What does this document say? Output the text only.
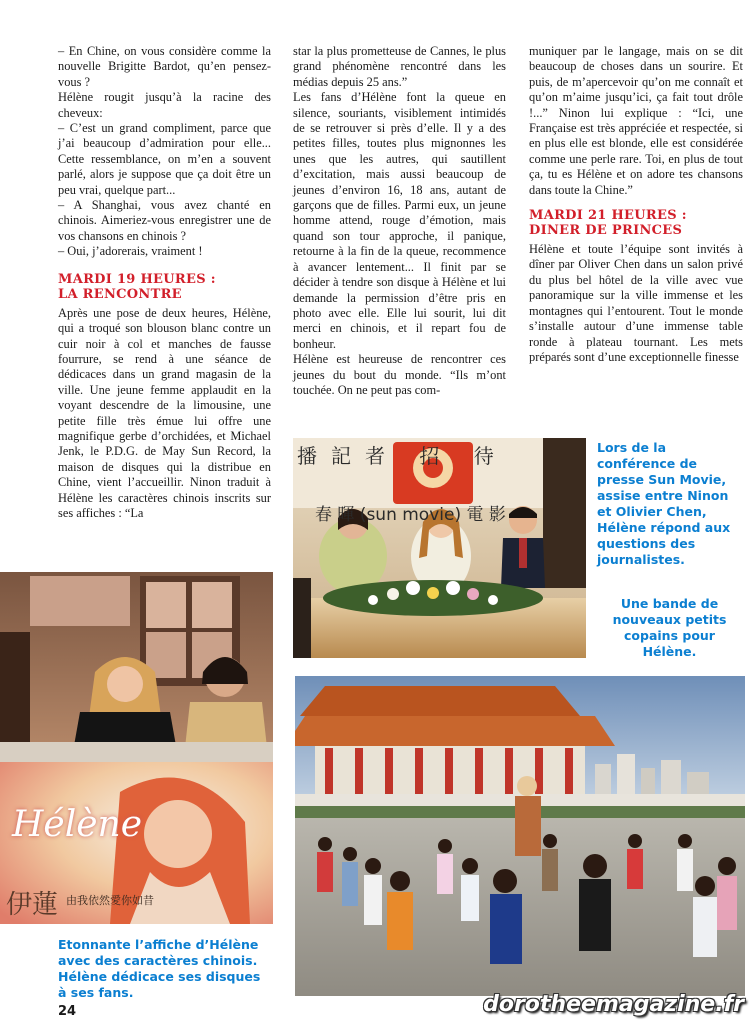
– En Chine, on vous considère comme la nouvelle Brigitte Bardot, qu’en pensez-vous ?

Hélène rougit jusqu’à la racine des cheveux:

– C’est un grand compliment, parce que j’ai beaucoup d’admiration pour elle... Cette ressemblance, on m’en a souvent parlé, alors je suppose que ça doit être un peu vrai, quelque part...

– A Shanghai, vous avez chanté en chinois. Aimeriez-vous enregistrer une de vos chansons en chinois ?

– Oui, j’adorerais, vraiment !

MARDI 19 HEURES :
LA RENCONTRE

Après une pose de deux heures, Hélène, qui a troqué son blouson blanc contre un cuir noir à col et manches de fausse fourrure, se rend à une séance de dédicaces dans un grand magasin de la ville. Une jeune femme applaudit en la voyant descendre de la limousine, une petite fille très émue lui offre une magnifique gerbe d’orchidées, et Michael Jenk, le P.D.G. de May Sun Record, la maison de disques qui la distribue en Chine, vient l’accueillir. Ninon traduit à Hélène les caractères chinois inscrits sur ses affiches : “La

star la plus prometteuse de Cannes, le plus grand phénomène rencontré dans les médias depuis 25 ans.”

Les fans d’Hélène font la queue en silence, souriants, visiblement intimidés de se retrouver si près d’elle. Il y a des petites filles, toutes plus mignonnes les unes que les autres, qui sautillent d’excitation, mais aussi beaucoup de jeunes d’environ 16, 18 ans, autant de garçons que de filles. Parmi eux, un jeune homme attend, rouge d’émotion, mais quand son tour approche, il panique, retourne à la fin de la queue, recommence à avancer lentement... Il finit par se décider à tendre son disque à Hélène et lui demande la permission d’être pris en photo avec elle. Elle lui sourit, lui dit merci en chinois, et il repart fou de bonheur.

Hélène est heureuse de rencontrer ces jeunes du bout du monde. “Ils m’ont touchée. On ne peut pas com-

muniquer par le langage, mais on se dit beaucoup de choses dans un sourire. Et puis, de m’apercevoir qu’on me connaît et qu’on m’aime jusqu’ici, ça fait tout drôle !...” Ninon lui explique : “Ici, une Française est très appréciée et respectée, si en plus elle est blonde, elle est considérée comme une perle rare. Toi, en plus de tout ça, tu es Hélène et on adore tes chansons dans toute la Chine.”

MARDI 21 HEURES :
DINER DE PRINCES

Hélène et toute l’équipe sont invités à dîner par Oliver Chen dans un salon privé du plus bel hôtel de la ville avec vue panoramique sur la ville immense et les montagnes qui l’entourent. Tout le monde s’installe autour d’une immense table ronde à plateau tournant. Les mets préparés sont d’une exceptionnelle finesse

播記者 招 待
春 暉 (sun movie) 電 影
Lors de la conférence de presse Sun Movie, assise entre Ninon et Olivier Chen, Hélène répond aux questions des journalistes.
Une bande de nouveaux petits copains pour Hélène.
由我依然愛你如昔
伊蓮
Hélène
Etonnante l’affiche d’Hélène avec des caractères chinois. Hélène dédicace ses disques à ses fans.
24	dorotheemagazine.fr
